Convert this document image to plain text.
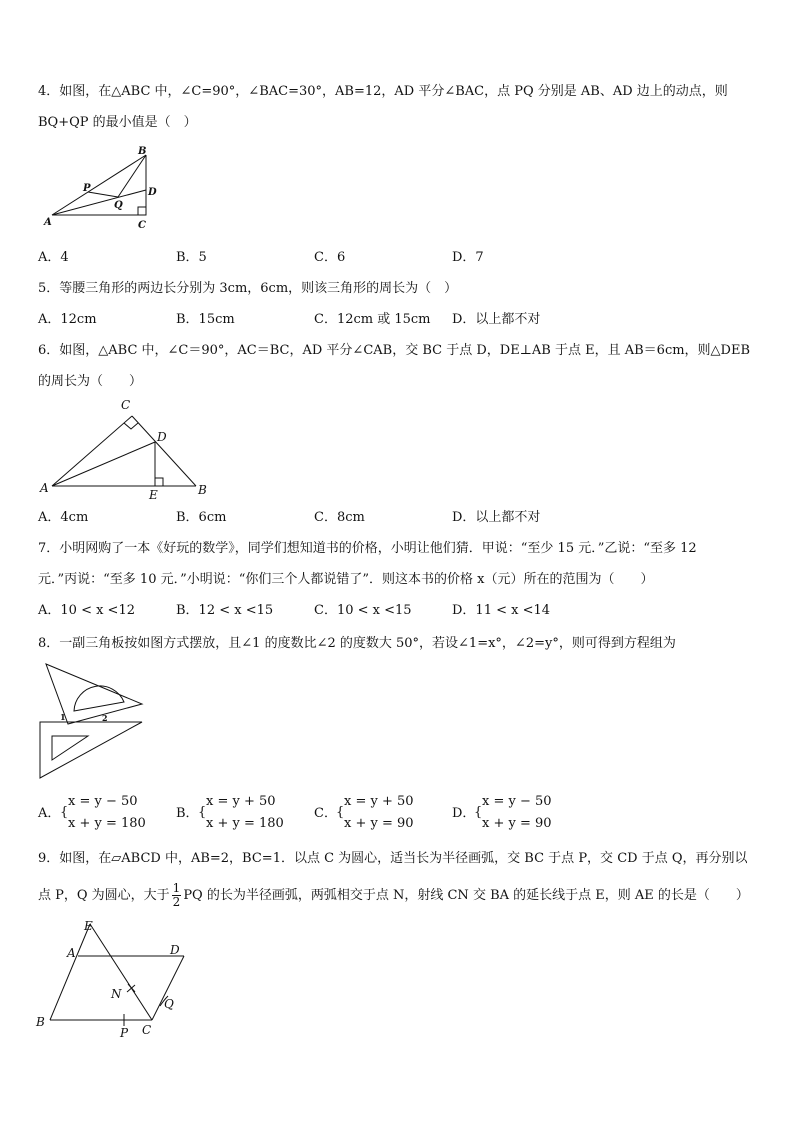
4．如图，在△ABC 中，∠C=90°，∠BAC=30°，AB=12，AD 平分∠BAC，点 PQ 分别是 AB、AD 边上的动点，则
BQ+QP 的最小值是（　）
B
D
P
Q
A	C
A．4	B．5	C．6	D．7
5．等腰三角形的两边长分别为 3cm，6cm，则该三角形的周长为（　）
A．12cm	B．15cm	C．12cm 或 15cm D．以上都不对
6．如图，△ABC 中，∠C＝90°，AC＝BC，AD 平分∠CAB，交 BC 于点 D，DE⊥AB 于点 E，且 AB＝6cm，则△DEB
的周长为（　　）
C
D
A	E	B
A．4cm	B．6cm	C．8cm	D．以上都不对
7．小明网购了一本《好玩的数学》，同学们想知道书的价格，小明让他们猜．甲说：“至少 15 元．”乙说：“至多 12
元．”丙说：“至多 10 元．”小明说：“你们三个人都说错了”．则这本书的价格 x（元）所在的范围为（　　）
A．10 < x <12	B．12 < x <15	C．10 < x <15	D．11 < x <14
8．一副三角板按如图方式摆放，且∠1 的度数比∠2 的度数大 50°，若设∠1=x°，∠2=y°，则可得到方程组为
1	2
A． {
x = y − 50
x + y = 180
B． {
x = y + 50
x + y = 180
C． {
x = y + 50
x + y = 90
D．
{
x = y − 50
x + y = 90
9．如图，在▱ABCD 中，AB=2，BC=1．以点 C 为圆心，适当长为半径画弧，交 BC 于点 P，交 CD 于点 Q，再分别以
点 P，Q 为圆心，大于 $\frac{1}{2}$ PQ 的长为半径画弧，两弧相交于点 N，射线 CN 交 BA 的延长线于点 E，则 AE 的长是（　　）
E
A	D
N
Q
B
P C
